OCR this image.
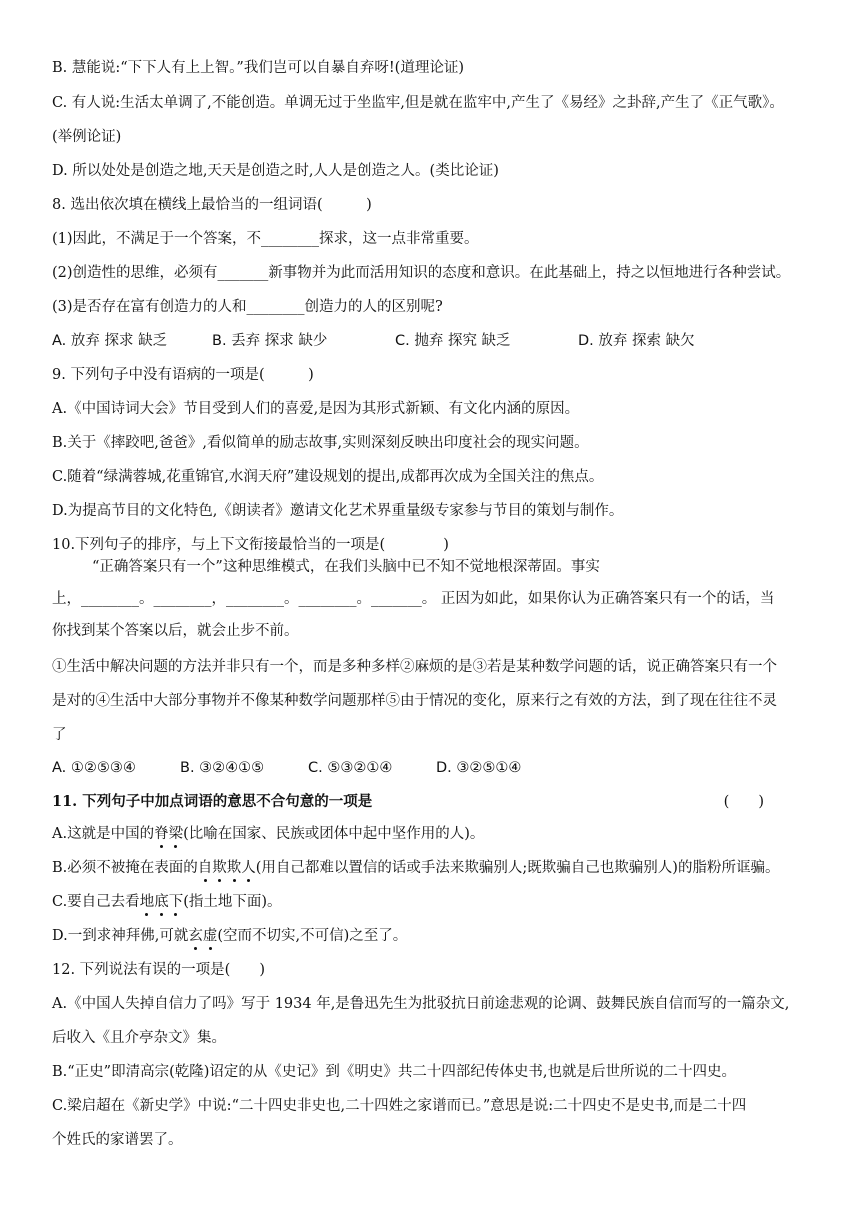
B. 慧能说:“下下人有上上智。”我们岂可以自暴自弃呀!(道理论证)
C. 有人说:生活太单调了,不能创造。单调无过于坐监牢,但是就在监牢中,产生了《易经》之卦辞,产生了《正气歌》。
(举例论证)
D. 所以处处是创造之地,天天是创造之时,人人是创造之人。(类比论证)
8. 选出依次填在横线上最恰当的一组词语(　　　)
(1)因此，不满足于一个答案，不________探求，这一点非常重要。
(2)创造性的思维，必须有_______新事物并为此而活用知识的态度和意识。在此基础上，持之以恒地进行各种尝试。
(3)是否存在富有创造力的人和________创造力的人的区别呢?
A. 放弃 探求 缺乏	B. 丢弃 探求 缺少	C. 抛弃 探究 缺乏	D. 放弃 探索 缺欠
9. 下列句子中没有语病的一项是(　　　)
A.《中国诗词大会》节目受到人们的喜爱,是因为其形式新颖、有文化内涵的原因。
B.关于《摔跤吧,爸爸》,看似简单的励志故事,实则深刻反映出印度社会的现实问题。
C.随着“绿满蓉城,花重锦官,水润天府”建设规划的提出,成都再次成为全国关注的焦点。
D.为提高节目的文化特色,《朗读者》邀请文化艺术界重量级专家参与节目的策划与制作。
10.下列句子的排序，与上下文衔接最恰当的一项是(　　　　)
“正确答案只有一个”这种思维模式，在我们头脑中已不知不觉地根深蒂固。事实
上，________。________，________。________。_______。 正因为如此，如果你认为正确答案只有一个的话，当
你找到某个答案以后，就会止步不前。
①生活中解决问题的方法并非只有一个，而是多种多样②麻烦的是③若是某种数学问题的话，说正确答案只有一个
是对的④生活中大部分事物并不像某种数学问题那样⑤由于情况的变化，原来行之有效的方法，到了现在往往不灵
了
A. ①②⑤③④	B. ③②④①⑤	C. ⑤③②①④	D. ③②⑤①④
11. 下列句子中加点词语的意思不合句意的一项是	(　　)
A.这就是中国的脊梁(比喻在国家、民族或团体中起中坚作用的人)。
B.必须不被掩在表面的自欺欺人(用自己都难以置信的话或手法来欺骗别人;既欺骗自己也欺骗别人)的脂粉所诓骗。
C.要自己去看地底下(指土地下面)。
D.一到求神拜佛,可就玄虚(空而不切实,不可信)之至了。
12. 下列说法有误的一项是(　　)
A.《中国人失掉自信力了吗》写于 1934 年,是鲁迅先生为批驳抗日前途悲观的论调、鼓舞民族自信而写的一篇杂文,
后收入《且介亭杂文》集。
B.“正史”即清高宗(乾隆)诏定的从《史记》到《明史》共二十四部纪传体史书,也就是后世所说的二十四史。
C.梁启超在《新史学》中说:“二十四史非史也,二十四姓之家谱而已。”意思是说:二十四史不是史书,而是二十四
个姓氏的家谱罢了。
